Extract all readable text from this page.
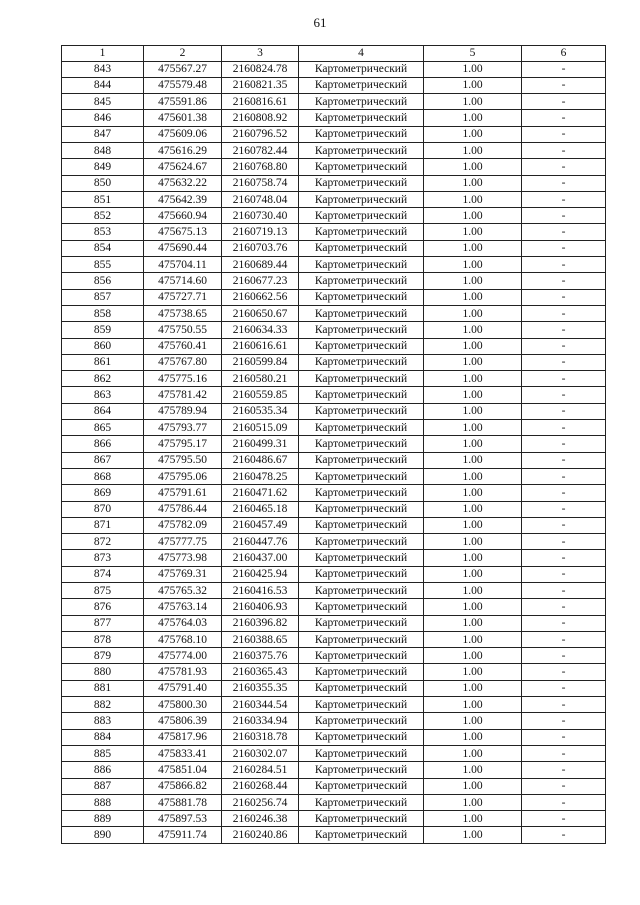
61
1	2	3	4	5	6
843	475567.27	2160824.78	Картометрический	1.00	-
844	475579.48	2160821.35	Картометрический	1.00	-
845	475591.86	2160816.61	Картометрический	1.00	-
846	475601.38	2160808.92	Картометрический	1.00	-
847	475609.06	2160796.52	Картометрический	1.00	-
848	475616.29	2160782.44	Картометрический	1.00	-
849	475624.67	2160768.80	Картометрический	1.00	-
850	475632.22	2160758.74	Картометрический	1.00	-
851	475642.39	2160748.04	Картометрический	1.00	-
852	475660.94	2160730.40	Картометрический	1.00	-
853	475675.13	2160719.13	Картометрический	1.00	-
854	475690.44	2160703.76	Картометрический	1.00	-
855	475704.11	2160689.44	Картометрический	1.00	-
856	475714.60	2160677.23	Картометрический	1.00	-
857	475727.71	2160662.56	Картометрический	1.00	-
858	475738.65	2160650.67	Картометрический	1.00	-
859	475750.55	2160634.33	Картометрический	1.00	-
860	475760.41	2160616.61	Картометрический	1.00	-
861	475767.80	2160599.84	Картометрический	1.00	-
862	475775.16	2160580.21	Картометрический	1.00	-
863	475781.42	2160559.85	Картометрический	1.00	-
864	475789.94	2160535.34	Картометрический	1.00	-
865	475793.77	2160515.09	Картометрический	1.00	-
866	475795.17	2160499.31	Картометрический	1.00	-
867	475795.50	2160486.67	Картометрический	1.00	-
868	475795.06	2160478.25	Картометрический	1.00	-
869	475791.61	2160471.62	Картометрический	1.00	-
870	475786.44	2160465.18	Картометрический	1.00	-
871	475782.09	2160457.49	Картометрический	1.00	-
872	475777.75	2160447.76	Картометрический	1.00	-
873	475773.98	2160437.00	Картометрический	1.00	-
874	475769.31	2160425.94	Картометрический	1.00	-
875	475765.32	2160416.53	Картометрический	1.00	-
876	475763.14	2160406.93	Картометрический	1.00	-
877	475764.03	2160396.82	Картометрический	1.00	-
878	475768.10	2160388.65	Картометрический	1.00	-
879	475774.00	2160375.76	Картометрический	1.00	-
880	475781.93	2160365.43	Картометрический	1.00	-
881	475791.40	2160355.35	Картометрический	1.00	-
882	475800.30	2160344.54	Картометрический	1.00	-
883	475806.39	2160334.94	Картометрический	1.00	-
884	475817.96	2160318.78	Картометрический	1.00	-
885	475833.41	2160302.07	Картометрический	1.00	-
886	475851.04	2160284.51	Картометрический	1.00	-
887	475866.82	2160268.44	Картометрический	1.00	-
888	475881.78	2160256.74	Картометрический	1.00	-
889	475897.53	2160246.38	Картометрический	1.00	-
890	475911.74	2160240.86	Картометрический	1.00	-
